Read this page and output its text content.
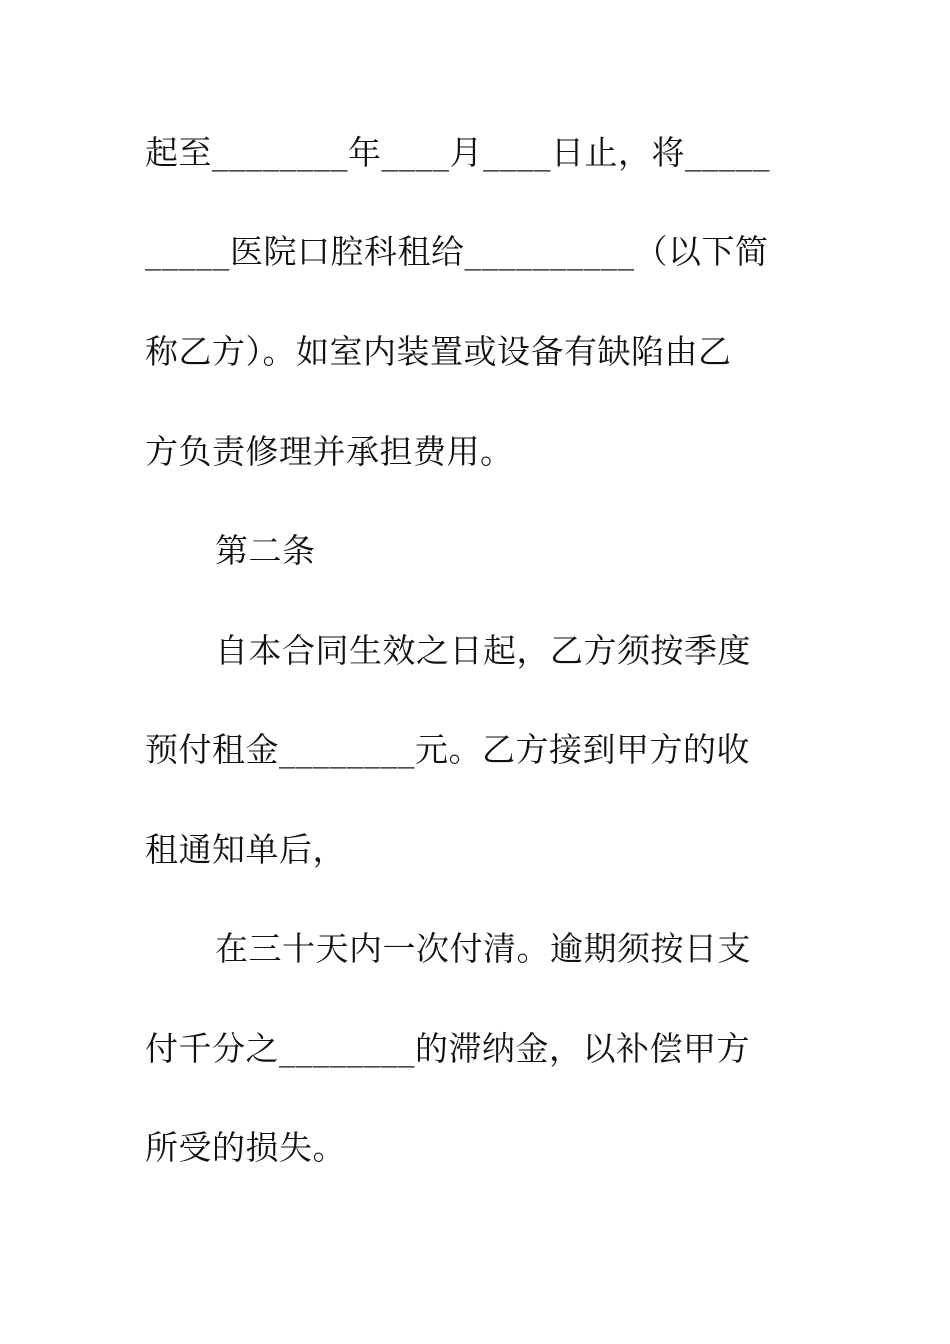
起至________年____月____日止，将_____
_____医院口腔科租给__________（以下简
称乙方）。如室内装置或设备有缺陷由乙
方负责修理并承担费用。
第二条
自本合同生效之日起，乙方须按季度
预付租金________元。乙方接到甲方的收
租通知单后，
在三十天内一次付清。逾期须按日支
付千分之________的滞纳金，以补偿甲方
所受的损失。
